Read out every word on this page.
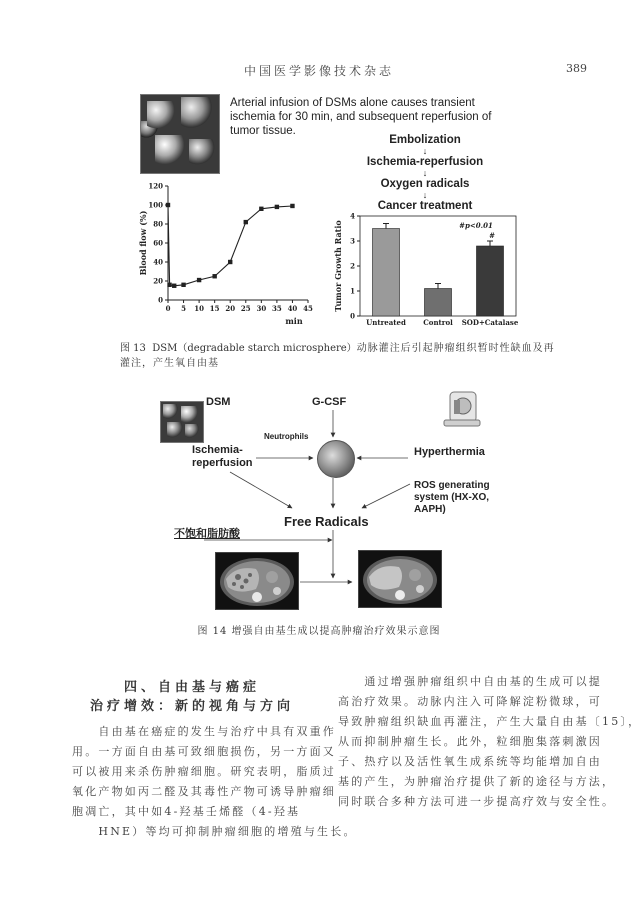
中国医学影像技术杂志	389
Arterial infusion of DSMs alone causes transient ischemia for 30 min, and subsequent reperfusion of tumor tissue.
Embolization
↓
Ischemia-reperfusion
↓
Oxygen radicals
↓
Cancer treatment
0
20
40
60
80
100
120
0 5 10 15 20 25 30 35 40 45
Blood flow (%)
min	0
1
2
3
4
Tumor Growth Ratio
Untreated Control SOD+Catalase
#
#p<0.01
图 13 DSM（degradable starch microsphere）动脉灌注后引起肿瘤组织暂时性缺血及再灌注，产生氧自由基
DSM	G-CSF
Neutrophils
Ischemia-
reperfusion
Hyperthermia
ROS generating
system (HX-XO,
AAPH)
Free Radicals
不饱和脂肪酸
图 14 增强自由基生成以提高肿瘤治疗效果示意图
四、自由基与癌症
治疗增效：新的视角与方向
　　自由基在癌症的发生与治疗中具有双重作
用。一方面自由基可致细胞损伤，另一方面又
可以被用来杀伤肿瘤细胞。研究表明，脂质过
氧化产物如丙二醛及其毒性产物可诱导肿瘤细
胞凋亡，其中如4-羟基壬烯醛（4-羟基
　　HNE）等均可抑制肿瘤细胞的增殖与生长。
　　通过增强肿瘤组织中自由基的生成可以提
高治疗效果。动脉内注入可降解淀粉微球，可
导致肿瘤组织缺血再灌注，产生大量自由基〔15〕，
从而抑制肿瘤生长。此外，粒细胞集落刺激因
子、热疗以及活性氧生成系统等均能增加自由
基的产生，为肿瘤治疗提供了新的途径与方法，
同时联合多种方法可进一步提高疗效与安全性。
